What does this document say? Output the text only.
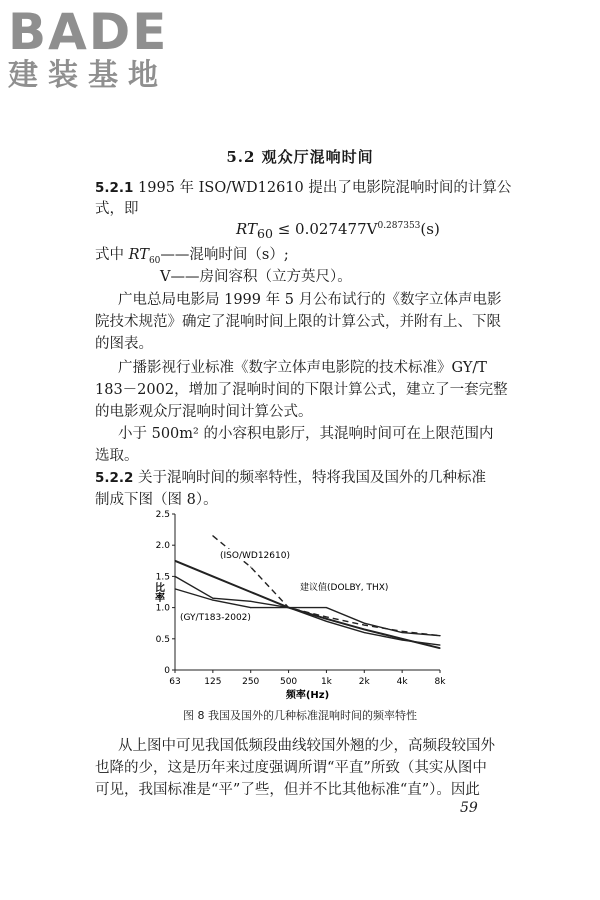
BADE
建装基地
5.2 观众厅混响时间
5.2.1 1995 年 ISO/WD12610 提出了电影院混响时间的计算公
式，即
$RT_{60} \le 0.027477V^{0.287353}(s)$
式中 $RT_{60}——$混响时间（s）;
V——房间容积（立方英尺）。
广电总局电影局 1999 年 5 月公布试行的《数字立体声电影
院技术规范》确定了混响时间上限的计算公式，并附有上、下限
的图表。
广播影视行业标准《数字立体声电影院的技术标准》GY/T
183－2002，增加了混响时间的下限计算公式，建立了一套完整
的电影观众厅混响时间计算公式。
小于 500m² 的小容积电影厅，其混响时间可在上限范围内
选取。
5.2.2 关于混响时间的频率特性，特将我国及国外的几种标准
制成下图（图 8）。
0
0.5
1.0
1.5
2.0
2.5
63	125 250 500	1k	2k	4k	8k
频率(Hz)
比率
(ISO/WD12610)
建议值(DOLBY, THX)
(GY/T183-2002)
图 8 我国及国外的几种标准混响时间的频率特性
从上图中可见我国低频段曲线较国外翘的少，高频段较国外
也降的少，这是历年来过度强调所谓“平直”所致（其实从图中
可见，我国标准是“平”了些，但并不比其他标准“直”）。因此
59
